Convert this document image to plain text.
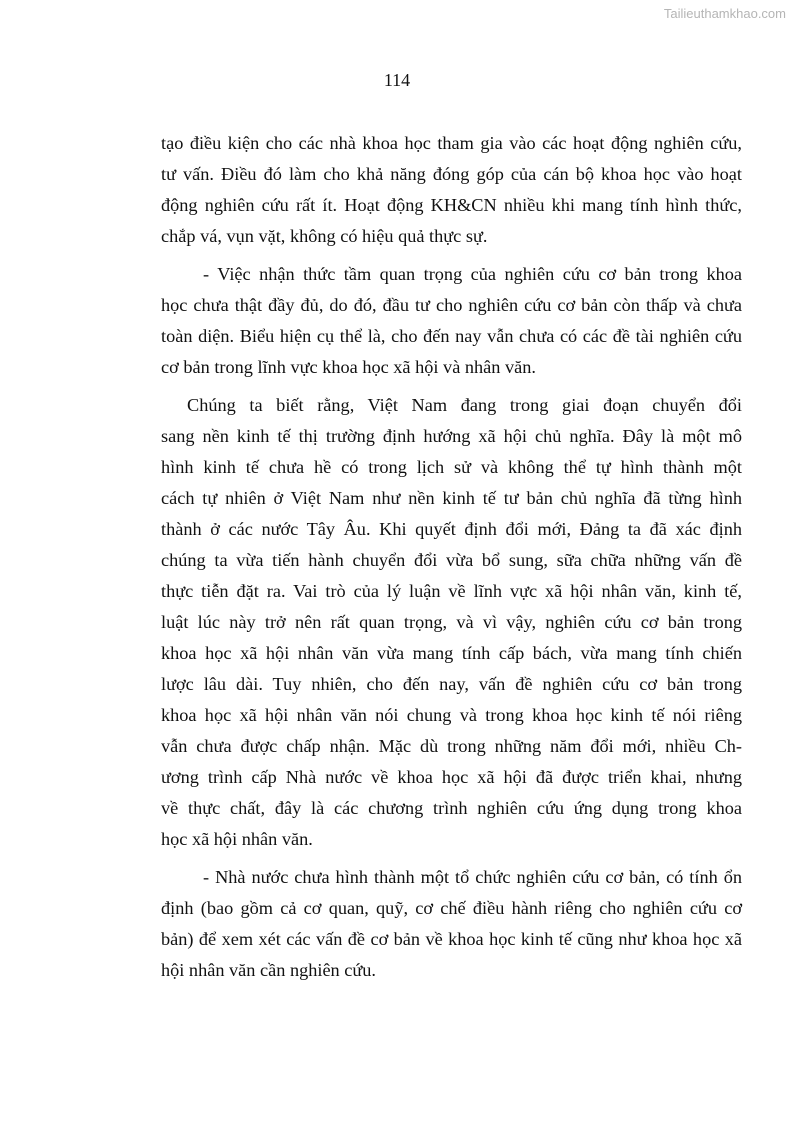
Tailieuthamkhao.com
114
tạo điều kiện cho các nhà khoa học tham gia vào các hoạt động nghiên cứu,
tư vấn. Điều đó làm cho khả năng đóng góp của cán bộ khoa học vào hoạt
động nghiên cứu rất ít. Hoạt động KH&CN nhiều khi mang tính hình thức,
chắp vá, vụn vặt, không có hiệu quả thực sự.
- Việc nhận thức tầm quan trọng của nghiên cứu cơ bản trong khoa
học chưa thật đầy đủ, do đó, đầu tư cho nghiên cứu cơ bản còn thấp và chưa
toàn diện. Biểu hiện cụ thể là, cho đến nay vẫn chưa có các đề tài nghiên cứu
cơ bản trong lĩnh vực khoa học xã hội và nhân văn.
Chúng ta biết rằng, Việt Nam đang trong giai đoạn chuyển đổi
sang nền kinh tế thị trường định hướng xã hội chủ nghĩa. Đây là một mô
hình kinh tế chưa hề có trong lịch sử và không thể tự hình thành một
cách tự nhiên ở Việt Nam như nền kinh tế tư bản chủ nghĩa đã từng hình
thành ở các nước Tây Âu. Khi quyết định đổi mới, Đảng ta đã xác định
chúng ta vừa tiến hành chuyển đổi vừa bổ sung, sữa chữa những vấn đề
thực tiễn đặt ra. Vai trò của lý luận về lĩnh vực xã hội nhân văn, kinh tế,
luật lúc này trở nên rất quan trọng, và vì vậy, nghiên cứu cơ bản trong
khoa học xã hội nhân văn vừa mang tính cấp bách, vừa mang tính chiến
lược lâu dài. Tuy nhiên, cho đến nay, vấn đề nghiên cứu cơ bản trong
khoa học xã hội nhân văn nói chung và trong khoa học kinh tế nói riêng
vẫn chưa được chấp nhận. Mặc dù trong những năm đổi mới, nhiều Ch-
ương trình cấp Nhà nước về khoa học xã hội đã được triển khai, nhưng
về thực chất, đây là các chương trình nghiên cứu ứng dụng trong khoa
học xã hội nhân văn.
- Nhà nước chưa hình thành một tổ chức nghiên cứu cơ bản, có tính ổn
định (bao gồm cả cơ quan, quỹ, cơ chế điều hành riêng cho nghiên cứu cơ
bản) để xem xét các vấn đề cơ bản về khoa học kinh tế cũng như khoa học xã
hội nhân văn cần nghiên cứu.
